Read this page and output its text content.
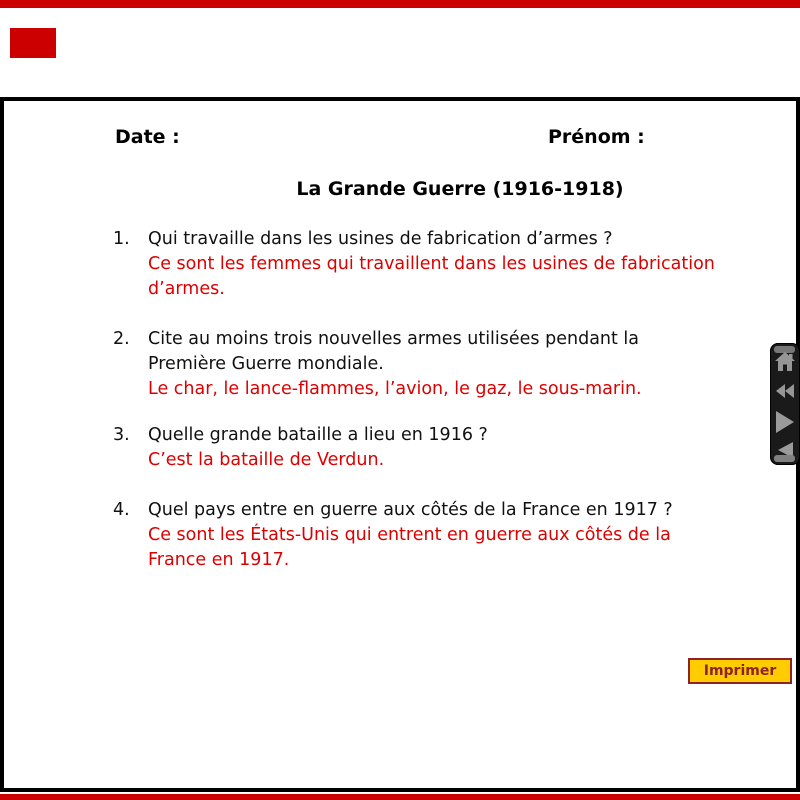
Date :	Prénom :
La Grande Guerre (1916-1918)
1. Qui travaille dans les usines de fabrication d’armes ?
Ce sont les femmes qui travaillent dans les usines de fabrication
d’armes.
2. Cite au moins trois nouvelles armes utilisées pendant la
Première Guerre mondiale.
Le char, le lance-flammes, l’avion, le gaz, le sous-marin.
3. Quelle grande bataille a lieu en 1916 ?
C’est la bataille de Verdun.
4. Quel pays entre en guerre aux côtés de la France en 1917 ?
Ce sont les États-Unis qui entrent en guerre aux côtés de la
France en 1917.
Imprimer
